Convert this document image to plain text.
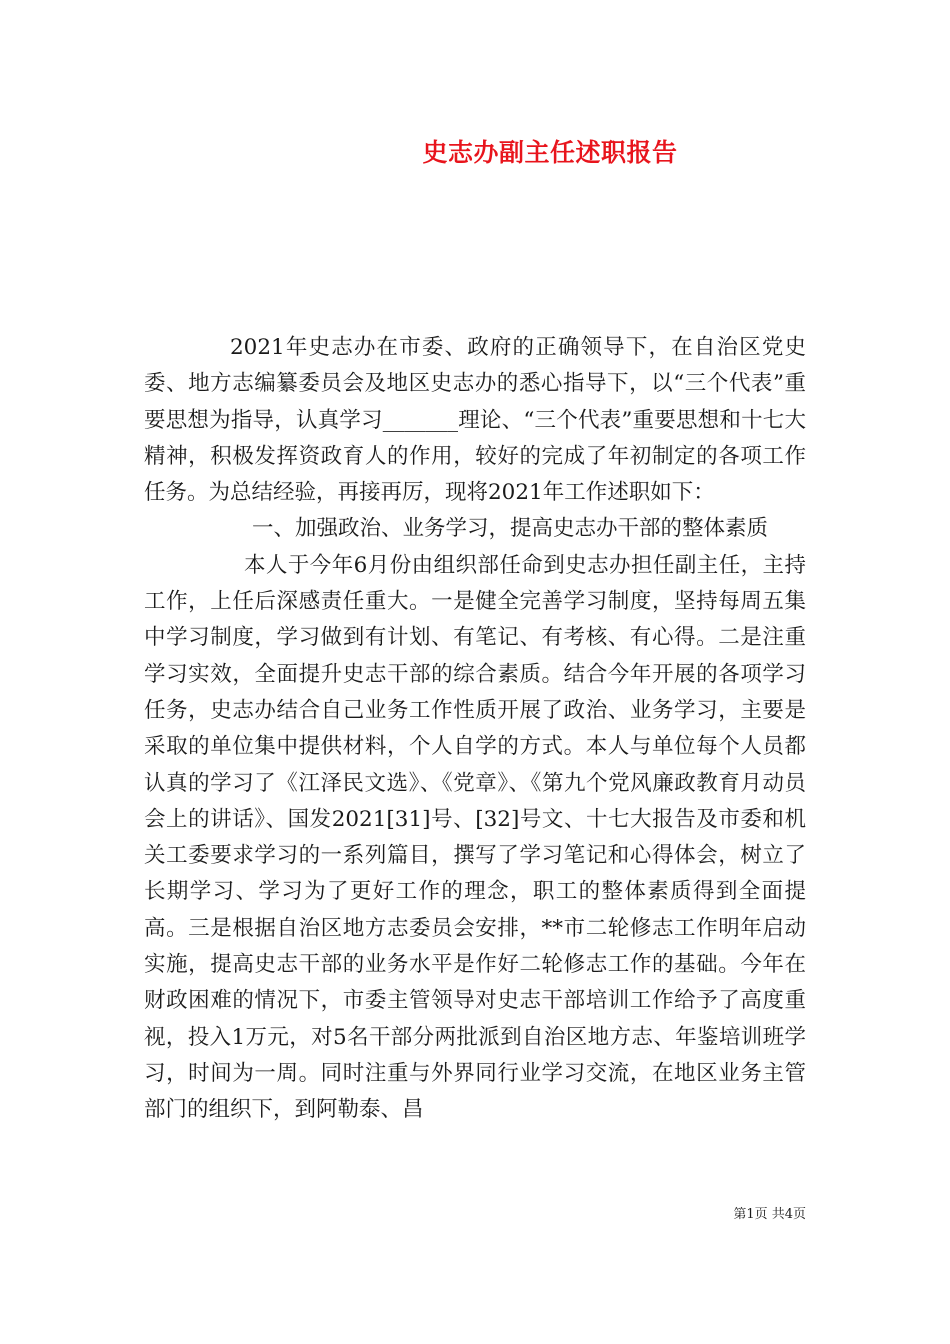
史志办副主任述职报告

2021年史志办在市委、政府的正确领导下，在自治区党史委、地方志编纂委员会及地区史志办的悉心指导下，以“三个代表”重要思想为指导，认真学习_______理论、“三个代表”重要思想和十七大精神，积极发挥资政育人的作用，较好的完成了年初制定的各项工作任务。为总结经验，再接再厉，现将2021年工作述职如下：

一、加强政治、业务学习，提高史志办干部的整体素质

本人于今年6月份由组织部任命到史志办担任副主任，主持工作，上任后深感责任重大。一是健全完善学习制度，坚持每周五集中学习制度，学习做到有计划、有笔记、有考核、有心得。二是注重学习实效，全面提升史志干部的综合素质。结合今年开展的各项学习任务，史志办结合自己业务工作性质开展了政治、业务学习，主要是采取的单位集中提供材料，个人自学的方式。本人与单位每个人员都认真的学习了《江泽民文选》、《党章》、《第九个党风廉政教育月动员会上的讲话》、国发2021[31]号、[32]号文、十七大报告及市委和机关工委要求学习的一系列篇目，撰写了学习笔记和心得体会，树立了长期学习、学习为了更好工作的理念，职工的整体素质得到全面提高。三是根据自治区地方志委员会安排，**市二轮修志工作明年启动实施，提高史志干部的业务水平是作好二轮修志工作的基础。今年在财政困难的情况下，市委主管领导对史志干部培训工作给予了高度重视，投入1万元，对5名干部分两批派到自治区地方志、年鉴培训班学习，时间为一周。同时注重与外界同行业学习交流，在地区业务主管部门的组织下，到阿勒泰、昌

第1页 共4页
